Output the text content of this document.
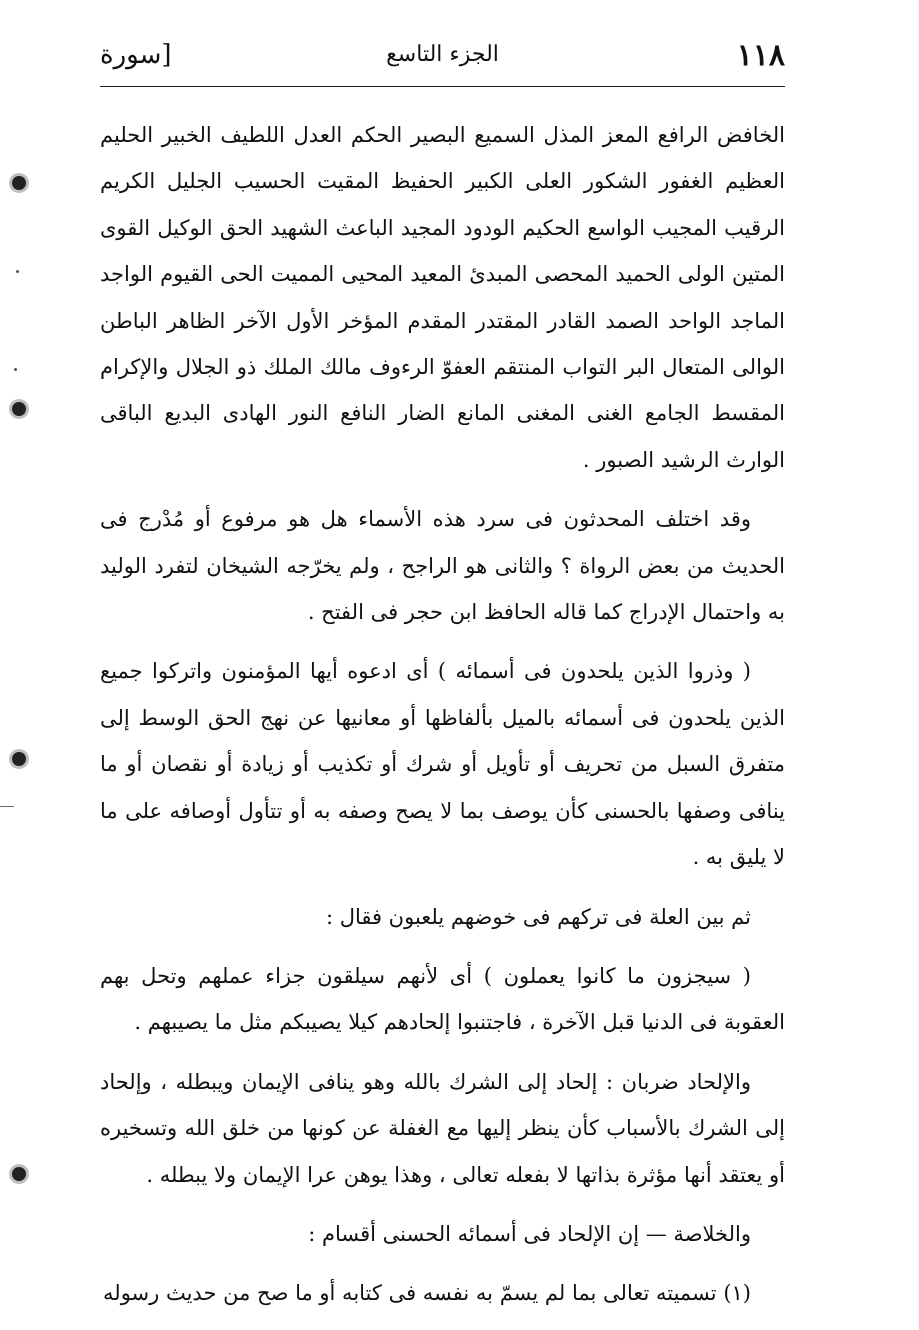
١١٨
الجزء التاسع
[سورة

الخافض الرافع المعز المذل السميع البصير الحكم العدل اللطيف الخبير الحليم العظيم الغفور الشكور العلى الكبير الحفيظ المقيت الحسيب الجليل الكريم الرقيب المجيب الواسع الحكيم الودود المجيد الباعث الشهيد الحق الوكيل القوى المتين الولى الحميد المحصى المبدئ المعيد المحيى المميت الحى القيوم الواجد الماجد الواحد الصمد القادر المقتدر المقدم المؤخر الأول الآخر الظاهر الباطن الوالى المتعال البر التواب المنتقم العفوّ الرءوف مالك الملك ذو الجلال والإكرام المقسط الجامع الغنى المغنى المانع الضار النافع النور الهادى البديع الباقى الوارث الرشيد الصبور .

وقد اختلف المحدثون فى سرد هذه الأسماء هل هو مرفوع أو مُدْرج فى الحديث من بعض الرواة ؟ والثانى هو الراجح ، ولم يخرّجه الشيخان لتفرد الوليد به واحتمال الإدراج كما قاله الحافظ ابن حجر فى الفتح .

( وذروا الذين يلحدون فى أسمائه ) أى ادعوه أيها المؤمنون واتركوا جميع الذين يلحدون فى أسمائه بالميل بألفاظها أو معانيها عن نهج الحق الوسط إلى متفرق السبل من تحريف أو تأويل أو شرك أو تكذيب أو زيادة أو نقصان أو ما ينافى وصفها بالحسنى كأن يوصف بما لا يصح وصفه به أو تتأول أوصافه على ما لا يليق به .

ثم بين العلة فى تركهم فى خوضهم يلعبون فقال :

( سيجزون ما كانوا يعملون ) أى لأنهم سيلقون جزاء عملهم وتحل بهم العقوبة فى الدنيا قبل الآخرة ، فاجتنبوا إلحادهم كيلا يصيبكم مثل ما يصيبهم .

والإلحاد ضربان : إلحاد إلى الشرك بالله وهو ينافى الإيمان ويبطله ، وإلحاد إلى الشرك بالأسباب كأن ينظر إليها مع الغفلة عن كونها من خلق الله وتسخيره أو يعتقد أنها مؤثرة بذاتها لا بفعله تعالى ، وهذا يوهن عرا الإيمان ولا يبطله .

والخلاصة — إن الإلحاد فى أسمائه الحسنى أقسام :

(١) تسميته تعالى بما لم يسمّ به نفسه فى كتابه أو ما صح من حديث رسوله
